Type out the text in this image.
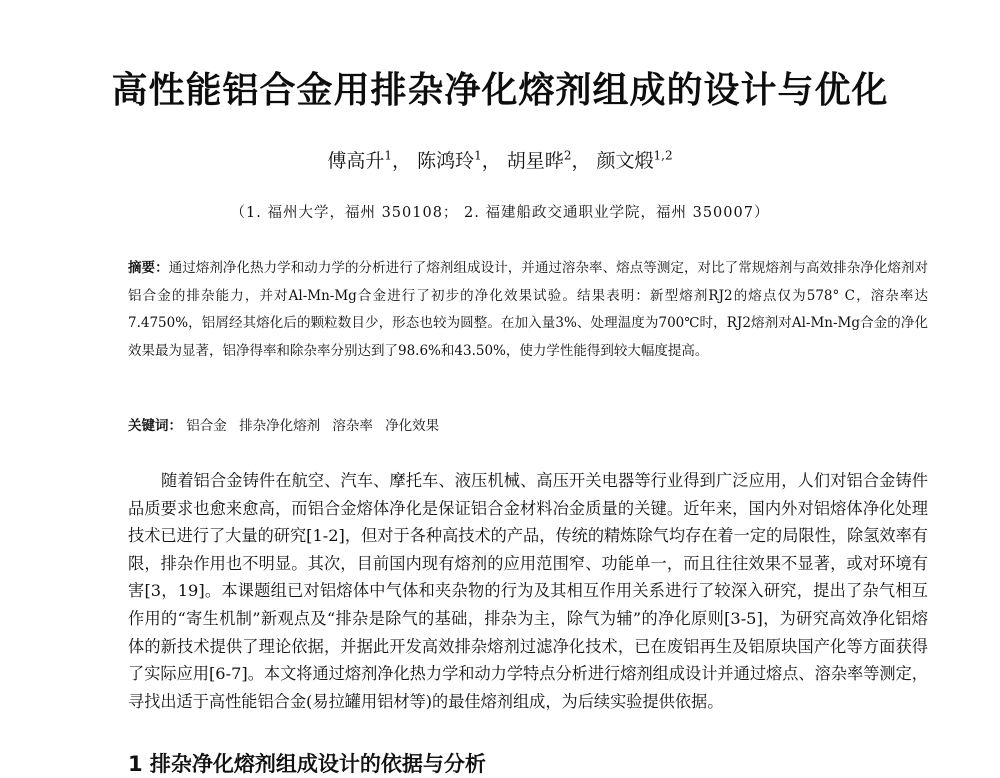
高性能铝合金用排杂净化熔剂组成的设计与优化
傅高升$^1$， 陈鸿玲$^1$， 胡星晔$^2$， 颜文煅$^{1,2}$
（1. 福州大学，福州 350108； 2. 福建船政交通职业学院，福州 350007）
摘要：通过熔剂净化热力学和动力学的分析进行了熔剂组成设计，并通过溶杂率、熔点等测定，对比了常规熔剂与高效排杂净化熔剂对铝合金的排杂能力，并对Al-Mn-Mg合金进行了初步的净化效果试验。结果表明：新型熔剂RJ2的熔点仅为578° C，溶杂率达7.4750%，铝屑经其熔化后的颗粒数目少，形态也较为圆整。在加入量3%、处理温度为700℃时，RJ2熔剂对Al-Mn-Mg合金的净化效果最为显著，铝净得率和除杂率分别达到了98.6%和43.50%，使力学性能得到较大幅度提高。
关键词： 铝合金 排杂净化熔剂 溶杂率 净化效果

随着铝合金铸件在航空、汽车、摩托车、液压机械、高压开关电器等行业得到广泛应用，人们对铝合金铸件品质要求也愈来愈高，而铝合金熔体净化是保证铝合金材料冶金质量的关键。近年来，国内外对铝熔体净化处理技术已进行了大量的研究[1-2]，但对于各种高技术的产品，传统的精炼除气均存在着一定的局限性，除氢效率有限，排杂作用也不明显。其次，目前国内现有熔剂的应用范围窄、功能单一，而且往往效果不显著，或对环境有害[3，19]。本课题组已对铝熔体中气体和夹杂物的行为及其相互作用关系进行了较深入研究，提出了杂气相互作用的“寄生机制”新观点及“排杂是除气的基础，排杂为主，除气为辅”的净化原则[3-5]，为研究高效净化铝熔体的新技术提供了理论依据，并据此开发高效排杂熔剂过滤净化技术，已在废铝再生及铝原块国产化等方面获得了实际应用[6-7]。本文将通过熔剂净化热力学和动力学特点分析进行熔剂组成设计并通过熔点、溶杂率等测定，寻找出适于高性能铝合金(易拉罐用铝材等)的最佳熔剂组成，为后续实验提供依据。

1 排杂净化熔剂组成设计的依据与分析
